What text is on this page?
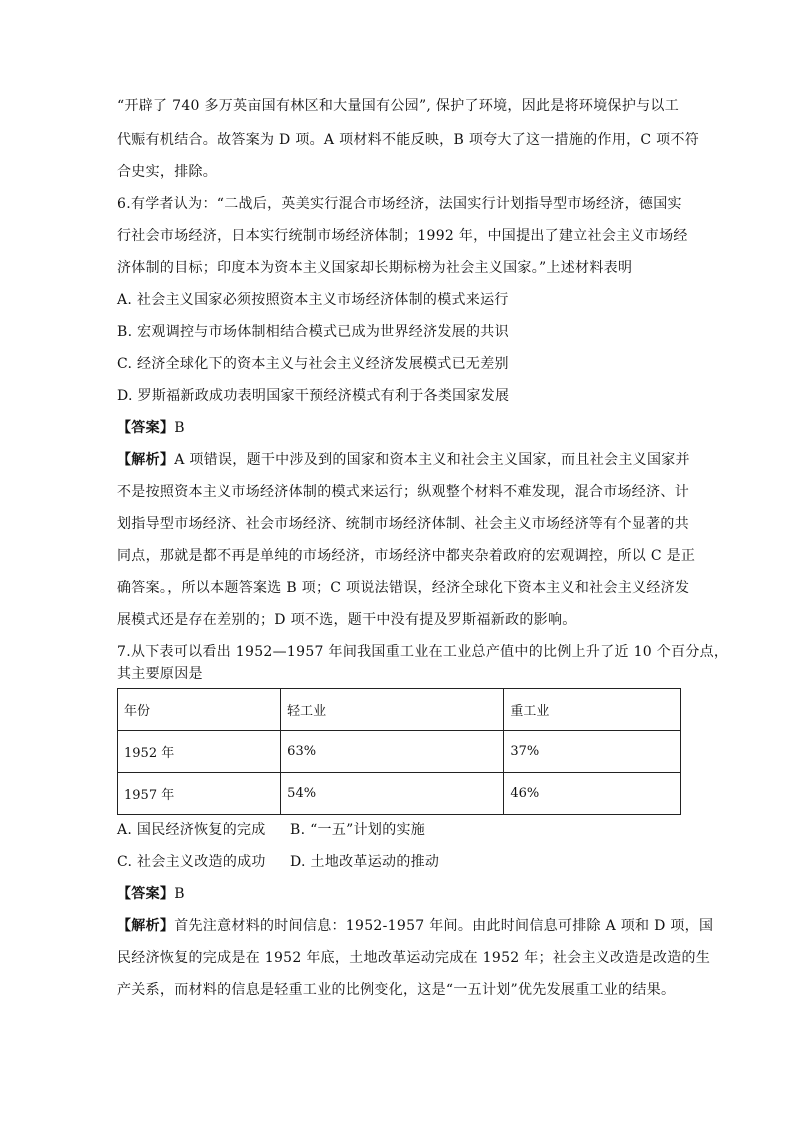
“开辟了 740 多万英亩国有林区和大量国有公园”, 保护了环境，因此是将环境保护与以工
代赈有机结合。故答案为 D 项。A 项材料不能反映，B 项夸大了这一措施的作用，C 项不符
合史实，排除。
6.有学者认为：“二战后，英美实行混合市场经济，法国实行计划指导型市场经济，德国实
行社会市场经济，日本实行统制市场经济体制；1992 年，中国提出了建立社会主义市场经
济体制的目标；印度本为资本主义国家却长期标榜为社会主义国家。”上述材料表明
A. 社会主义国家必须按照资本主义市场经济体制的模式来运行
B. 宏观调控与市场体制相结合模式已成为世界经济发展的共识
C. 经济全球化下的资本主义与社会主义经济发展模式已无差别
D. 罗斯福新政成功表明国家干预经济模式有利于各类国家发展
【答案】B
【解析】A 项错误，题干中涉及到的国家和资本主义和社会主义国家，而且社会主义国家并
不是按照资本主义市场经济体制的模式来运行；纵观整个材料不难发现，混合市场经济、计
划指导型市场经济、社会市场经济、统制市场经济体制、社会主义市场经济等有个显著的共
同点，那就是都不再是单纯的市场经济，市场经济中都夹杂着政府的宏观调控，所以 C 是正
确答案。，所以本题答案选 B 项；C 项说法错误，经济全球化下资本主义和社会主义经济发
展模式还是存在差别的；D 项不选，题干中没有提及罗斯福新政的影响。
7.从下表可以看出 1952—1957 年间我国重工业在工业总产值中的比例上升了近 10 个百分点，
其主要原因是
年份	轻工业	重工业
1952 年	63%	37%
1957 年	54%	46%
A. 国民经济恢复的完成 B. “一五”计划的实施
C. 社会主义改造的成功 D. 土地改革运动的推动
【答案】B
【解析】首先注意材料的时间信息：1952-1957 年间。由此时间信息可排除 A 项和 D 项，国
民经济恢复的完成是在 1952 年底，土地改革运动完成在 1952 年；社会主义改造是改造的生
产关系，而材料的信息是轻重工业的比例变化，这是“一五计划”优先发展重工业的结果。
